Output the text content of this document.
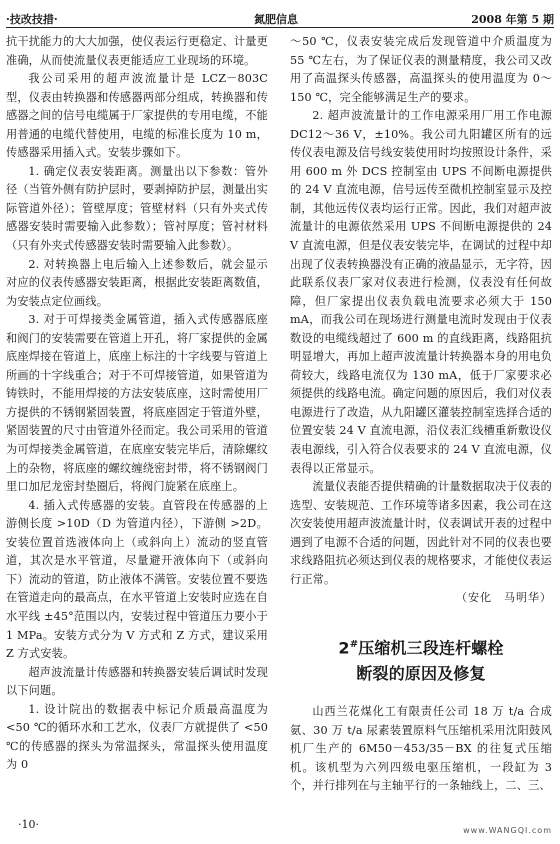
·技改技措·	氮肥信息	2008 年第 5 期

抗干扰能力的大大加强，使仪表运行更稳定、计量更准确，从而使流量仪表更能适应工业现场的环境。

我公司采用的超声波流量计是 LCZ－803C 型，仪表由转换器和传感器两部分组成，转换器和传感器之间的信号电缆属于厂家提供的专用电缆，不能用普通的电缆代替使用，电缆的标准长度为 10 m，传感器采用插入式。安装步骤如下。

1. 确定仪表安装距离。测量出以下参数：管外径（当管外侧有防护层时，要剥掉防护层，测量出实际管道外径）；管壁厚度；管壁材料（只有外夹式传感器安装时需要输入此参数）；管衬厚度；管衬材料（只有外夹式传感器安装时需要输入此参数）。

2. 对转换器上电后输入上述参数后，就会显示对应的仪表传感器安装距离，根据此安装距离数值，为安装点定位画线。

3. 对于可焊接类金属管道，插入式传感器底座和阀门的安装需要在管道上开孔，将厂家提供的金属底座焊接在管道上，底座上标注的十字线要与管道上所画的十字线重合；对于不可焊接管道，如果管道为铸铁时，不能用焊接的方法安装底座，这时需使用厂方提供的不锈钢紧固装置，将底座固定于管道外壁，紧固装置的尺寸由管道外径而定。我公司采用的管道为可焊接类金属管道，在底座安装完毕后，清除螺纹上的杂物，将底座的螺纹缠绕密封带，将不锈钢阀门里口加尼龙密封垫圈后，将阀门旋紧在底座上。

4. 插入式传感器的安装。直管段在传感器的上游侧长度 >10D（D 为管道内径），下游侧 >2D。安装位置首选液体向上（或斜向上）流动的竖直管道，其次是水平管道，尽量避开液体向下（或斜向下）流动的管道，防止液体不满管。安装位置不要选在管道走向的最高点，在水平管道上安装时应选在自水平线 ±45°范围以内，安装过程中管道压力要小于 1 MPa。安装方式分为 V 方式和 Z 方式，建议采用 Z 方式安装。

超声波流量计传感器和转换器安装后调试时发现以下问题。

1. 设计院出的数据表中标记介质最高温度为 <50 ℃的循环水和工艺水，仪表厂方就提供了 <50 ℃的传感器的探头为常温探头，常温探头使用温度为 0

～50 ℃，仪表安装完成后发现管道中介质温度为 55 ℃左右，为了保证仪表的测量精度，我公司又改用了高温探头传感器，高温探头的使用温度为 0～150 ℃，完全能够满足生产的要求。

2. 超声波流量计的工作电源采用厂用工作电源 DC12～36 V，±10%。我公司九阳罐区所有的远传仪表电源及信号线安装使用时均按照设计条件，采用 600 m 外 DCS 控制室由 UPS 不间断电源提供的 24 V 直流电源，信号远传至微机控制室显示及控制，其他远传仪表均运行正常。因此，我们对超声波流量计的电源依然采用 UPS 不间断电源提供的 24 V 直流电源，但是仪表安装完毕，在调试的过程中却出现了仪表转换器没有正确的液晶显示，无字符，因此联系仪表厂家对仪表进行检测，仪表没有任何故障，但厂家提出仪表负载电流要求必须大于 150 mA，而我公司在现场进行测量电流时发现由于仪表数设的电缆线超过了 600 m 的直线距离，线路阻抗明显增大，再加上超声波流量计转换器本身的用电负荷较大，线路电流仅为 130 mA，低于厂家要求必须提供的线路电流。确定问题的原因后，我们对仪表电源进行了改造，从九阳罐区灌装控制室选择合适的位置安装 24 V 直流电源，沿仪表汇线槽重新敷设仪表电源线，引入符合仪表要求的 24 V 直流电源，仪表得以正常显示。

流量仪表能否提供精确的计量数据取决于仪表的选型、安装规范、工作环境等诸多因素，我公司在这次安装使用超声波流量计时，仪表调试开表的过程中遇到了电源不合适的问题，因此针对不同的仪表也要求线路阻抗必须达到仪表的规格要求，才能使仪表运行正常。

（安化　马明华）

2#压缩机三段连杆螺栓
断裂的原因及修复

山西兰花煤化工有限责任公司 18 万 t/a 合成氨、30 万 t/a 尿素装置原料气压缩机采用沈阳鼓风机厂生产的 6M50－453/35－BX 的往复式压缩机。该机型为六列四级电驱压缩机，一段缸为 3 个，并行排列在与主轴平行的一条轴线上，二、三、

·10·	www.WANGQI.com
